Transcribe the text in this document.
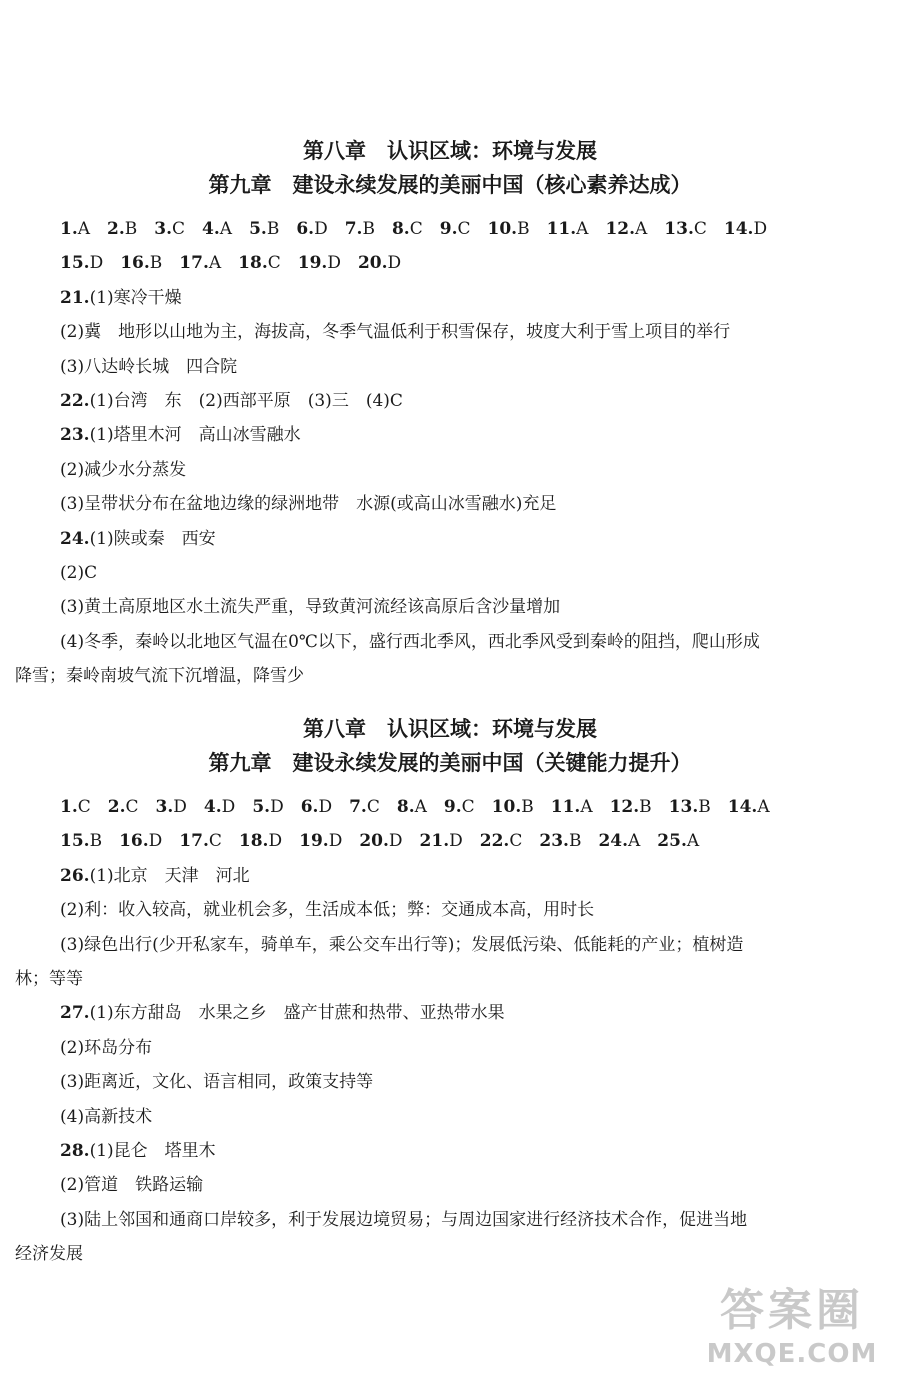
第八章　认识区域：环境与发展
第九章　建设永续发展的美丽中国（核心素养达成）
1.A 2.B 3.C 4.A 5.B 6.D 7.B 8.C 9.C 10.B 11.A 12.A 13.C 14.D
15.D 16.B 17.A 18.C 19.D 20.D
21.(1)寒冷干燥
(2)冀　地形以山地为主，海拔高，冬季气温低利于积雪保存，坡度大利于雪上项目的举行
(3)八达岭长城　四合院
22.(1)台湾　东　(2)西部平原　(3)三　(4)C
23.(1)塔里木河　高山冰雪融水
(2)减少水分蒸发
(3)呈带状分布在盆地边缘的绿洲地带　水源(或高山冰雪融水)充足
24.(1)陕或秦　西安
(2)C
(3)黄土高原地区水土流失严重，导致黄河流经该高原后含沙量增加
(4)冬季，秦岭以北地区气温在0℃以下，盛行西北季风，西北季风受到秦岭的阻挡，爬山形成
降雪；秦岭南坡气流下沉增温，降雪少
第八章　认识区域：环境与发展
第九章　建设永续发展的美丽中国（关键能力提升）
1.C 2.C 3.D 4.D 5.D 6.D 7.C 8.A 9.C 10.B 11.A 12.B 13.B 14.A
15.B 16.D 17.C 18.D 19.D 20.D 21.D 22.C 23.B 24.A 25.A
26.(1)北京　天津　河北
(2)利：收入较高，就业机会多，生活成本低；弊：交通成本高，用时长
(3)绿色出行(少开私家车，骑单车，乘公交车出行等)；发展低污染、低能耗的产业；植树造
林；等等
27.(1)东方甜岛　水果之乡　盛产甘蔗和热带、亚热带水果
(2)环岛分布
(3)距离近，文化、语言相同，政策支持等
(4)高新技术
28.(1)昆仑　塔里木
(2)管道　铁路运输
(3)陆上邻国和通商口岸较多，利于发展边境贸易；与周边国家进行经济技术合作，促进当地
经济发展
答案圈
MXQE.COM
